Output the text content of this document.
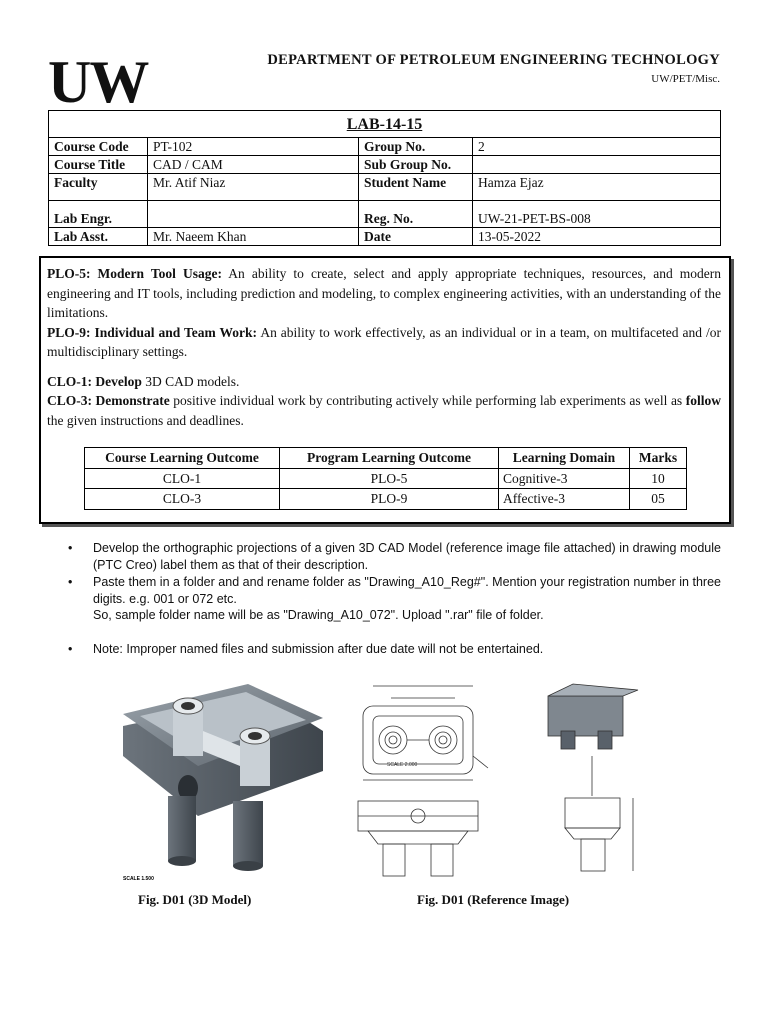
UW	DEPARTMENT OF PETROLEUM ENGINEERING TECHNOLOGY
UW/PET/Misc.
LAB-14-15			
Course Code	PT-102	Group No.	2
Course Title	CAD / CAM	Sub Group No.	
Faculty	Mr. Atif Niaz	Student Name	Hamza Ejaz
Lab Engr.		Reg. No.	UW-21-PET-BS-008
Lab Asst.	Mr. Naeem Khan	Date	13-05-2022

PLO-5: Modern Tool Usage: An ability to create, select and apply appropriate techniques, resources, and modern engineering and IT tools, including prediction and modeling, to complex engineering activities, with an understanding of the limitations.

PLO-9: Individual and Team Work: An ability to work effectively, as an individual or in a team, on multifaceted and /or multidisciplinary settings.

CLO-1: Develop 3D CAD models.

CLO-3: Demonstrate positive individual work by contributing actively while performing lab experiments as well as follow the given instructions and deadlines.

Course Learning Outcome	Program Learning Outcome	Learning Domain	Marks
CLO-1	PLO-5	Cognitive-3	10
CLO-3	PLO-9	Affective-3	05
• Develop the orthographic projections of a given 3D CAD Model (reference image file attached) in drawing module (PTC Creo) label them as that of their description.
• Paste them in a folder and and rename folder as "Drawing_A10_Reg#". Mention your registration number in three digits. e.g. 001 or 072 etc.
So, sample folder name will be as "Drawing_A10_072". Upload ".rar" file of folder.
• Note: Improper named files and submission after due date will not be entertained.
SCALE 1.500
SCALE 2.000
Fig. D01 (3D Model)	Fig. D01 (Reference Image)
